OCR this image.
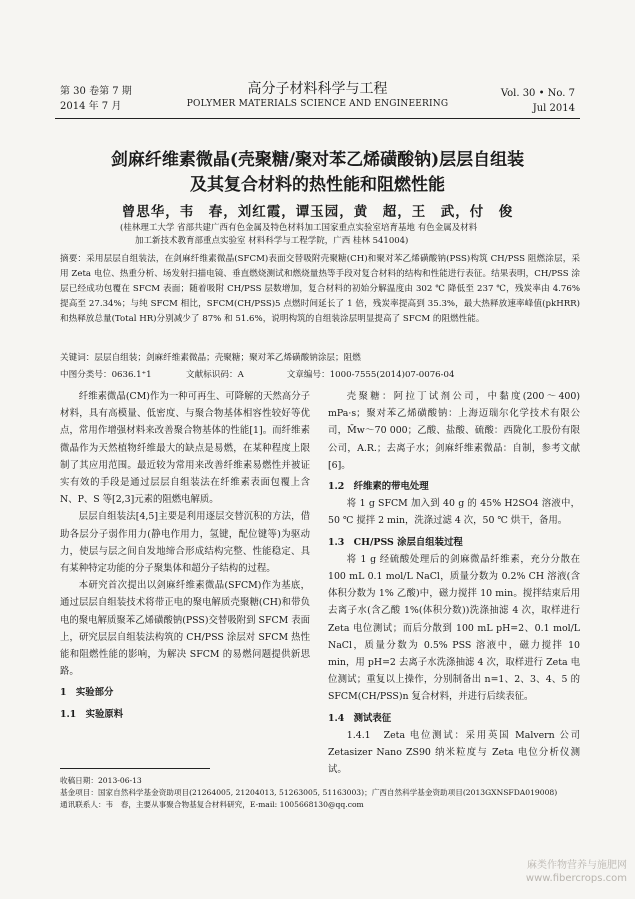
第 30 卷第 7 期
2014 年 7 月
高分子材料科学与工程
POLYMER MATERIALS SCIENCE AND ENGINEERING
Vol. 30 • No. 7
Jul 2014
剑麻纤维素微晶(壳聚糖/聚对苯乙烯磺酸钠)层层自组装
及其复合材料的热性能和阻燃性能
曾思华，韦　春，刘红霞，谭玉园，黄　超，王　武，付　俊
(桂林理工大学 省部共建广西有色金属及特色材料加工国家重点实验室培育基地 有色金属及材料
加工新技术教育部重点实验室 材料科学与工程学院，广西 桂林 541004)
摘要：采用层层自组装法，在剑麻纤维素微晶(SFCM)表面交替吸附壳聚糖(CH)和聚对苯乙烯磺酸钠(PSS)构筑 CH/PSS 阻燃涂层，采用 Zeta 电位、热重分析、场发射扫描电镜、垂直燃烧测试和燃烧量热等手段对复合材料的结构和性能进行表征。结果表明，CH/PSS 涂层已经成功包覆在 SFCM 表面；随着吸附 CH/PSS 层数增加，复合材料的初始分解温度由 302 ℃ 降低至 237 ℃，残炭率由 4.76% 提高至 27.34%；与纯 SFCM 相比，SFCM(CH/PSS)5 点燃时间延长了 1 倍，残炭率提高到 35.3%，最大热释放速率峰值(pkHRR)和热释放总量(Total HR)分别减少了 87% 和 51.6%，说明构筑的自组装涂层明显提高了 SFCM 的阻燃性能。
关键词：层层自组装；剑麻纤维素微晶；壳聚糖；聚对苯乙烯磺酸钠涂层；阻燃
中图分类号：0636.1⁺1　　　　文献标识码：A　　　　　文章编号：1000-7555(2014)07-0076-04

纤维素微晶(CM)作为一种可再生、可降解的天然高分子材料，具有高模量、低密度、与聚合物基体相容性较好等优点，常用作增强材料来改善聚合物基体的性能[1]。而纤维素微晶作为天然植物纤维最大的缺点是易燃，在某种程度上限制了其应用范围。最近较为常用来改善纤维素易燃性并被证实有效的手段是通过层层自组装法在纤维素表面包覆上含 N、P、S 等[2,3]元素的阻燃电解质。

层层自组装法[4,5]主要是利用逐层交替沉积的方法，借助各层分子弱作用力(静电作用力，氢键，配位键等)为驱动力，使层与层之间自发地缔合形成结构完整、性能稳定、具有某种特定功能的分子聚集体和超分子结构的过程。

本研究首次提出以剑麻纤维素微晶(SFCM)作为基底，通过层层自组装技术将带正电的聚电解质壳聚糖(CH)和带负电的聚电解质聚苯乙烯磺酸钠(PSS)交替吸附到 SFCM 表面上，研究层层自组装法构筑的 CH/PSS 涂层对 SFCM 热性能和阻燃性能的影响，为解决 SFCM 的易燃问题提供新思路。

1　实验部分

1.1　实验原料

壳聚糖：阿拉丁试剂公司，中黏度(200～400) mPa·s；聚对苯乙烯磺酸钠：上海迈瑞尔化学技术有限公司，M̄w～70 000；乙酸、盐酸、硫酸：西陇化工股份有限公司，A.R.；去离子水；剑麻纤维素微晶：自制，参考文献[6]。

1.2　纤维素的带电处理

将 1 g SFCM 加入到 40 g 的 45% H2SO4 溶液中，50 ℃ 搅拌 2 min，洗涤过滤 4 次，50 ℃ 烘干，备用。

1.3　CH/PSS 涂层自组装过程

将 1 g 经硫酸处理后的剑麻微晶纤维素，充分分散在 100 mL 0.1 mol/L NaCl，质量分数为 0.2% CH 溶液(含体积分数为 1% 乙酸)中，磁力搅拌 10 min。搅拌结束后用去离子水(含乙酸 1%(体积分数))洗涤抽滤 4 次，取样进行 Zeta 电位测试；而后分散到 100 mL pH=2、0.1 mol/L NaCl，质量分数为 0.5% PSS 溶液中，磁力搅拌 10 min，用 pH=2 去离子水洗涤抽滤 4 次，取样进行 Zeta 电位测试；重复以上操作，分别制备出 n=1、2、3、4、5 的 SFCM(CH/PSS)n 复合材料，并进行后续表征。

1.4　测试表征

1.4.1　Zeta 电位测试：采用英国 Malvern 公司 Zetasizer Nano ZS90 纳米粒度与 Zeta 电位分析仪测试。

收稿日期：2013-06-13
基金项目：国家自然科学基金资助项目(21264005, 21204013, 51263005, 51163003)；广西自然科学基金资助项目(2013GXNSFDA019008)
通讯联系人：韦　春，主要从事聚合物基复合材料研究，E-mail: 1005668130@qq.com
麻类作物营养与施肥网
www.fibercrops.com
